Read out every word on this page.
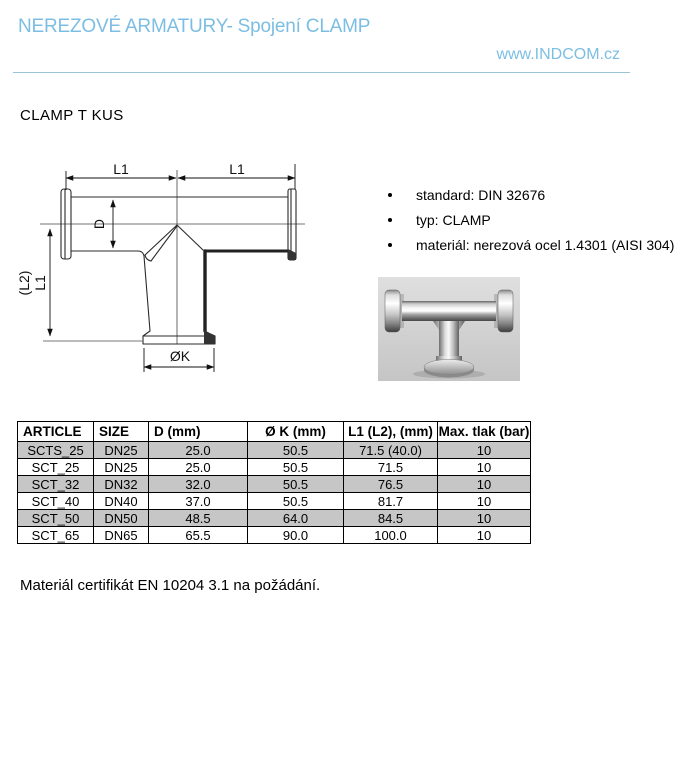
NEREZOVÉ ARMATURY- Spojení CLAMP
www.INDCOM.cz
CLAMP T KUS
L1	L1
D
(L2) L1
ØK
standard: DIN 32676
typ: CLAMP
materiál: nerezová ocel 1.4301 (AISI 304)
ARTICLE	SIZE	D (mm)	Ø K (mm)	L1 (L2), (mm)	Max. tlak (bar)
SCTS_25	DN25	25.0	50.5	71.5 (40.0)	10
SCT_25	DN25	25.0	50.5	71.5	10
SCT_32	DN32	32.0	50.5	76.5	10
SCT_40	DN40	37.0	50.5	81.7	10
SCT_50	DN50	48.5	64.0	84.5	10
SCT_65	DN65	65.5	90.0	100.0	10

Materiál certifikát EN 10204 3.1 na požádání.
